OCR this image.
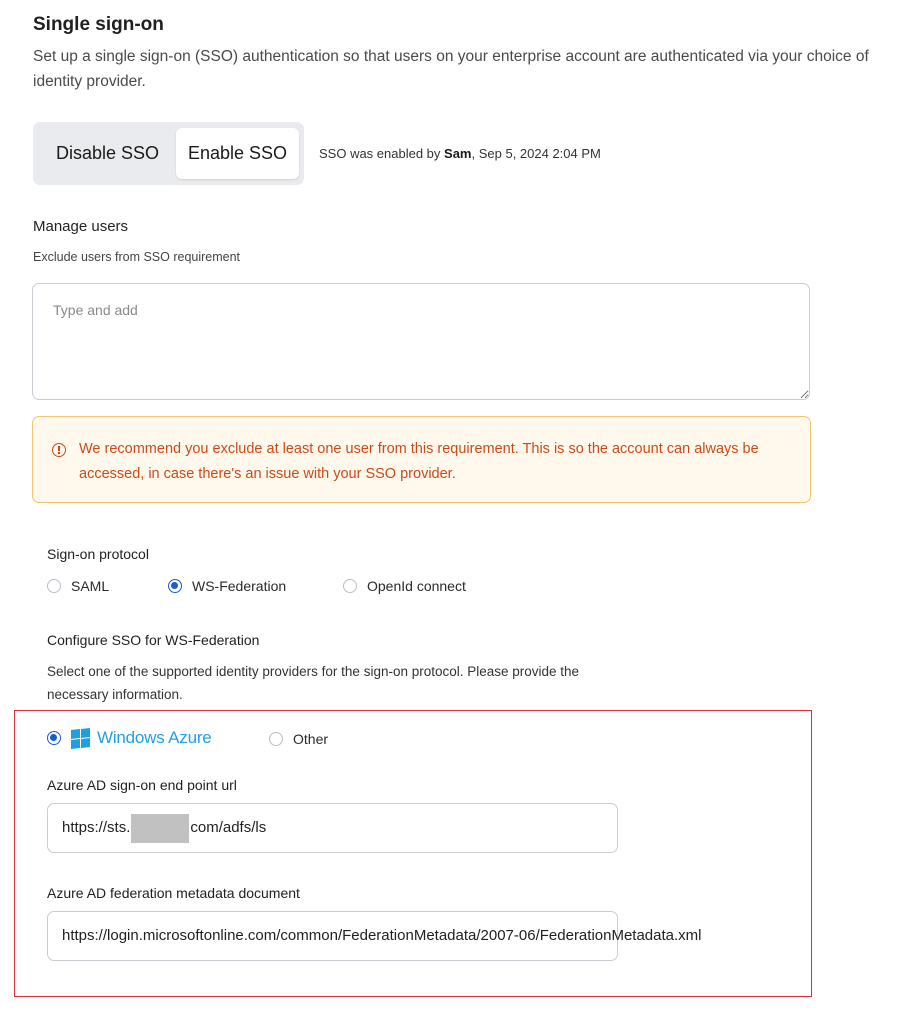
Single sign-on
Set up a single sign-on (SSO) authentication so that users on your enterprise account are authenticated via your choice of identity provider.
Disable SSO	Enable SSO	SSO was enabled by Sam, Sep 5, 2024 2:04 PM
Manage users
Exclude users from SSO requirement
Type and add
We recommend you exclude at least one user from this requirement. This is so the account can always be accessed, in case there's an issue with your SSO provider.
Sign-on protocol
SAML	WS-Federation	OpenId connect
Configure SSO for WS-Federation
Select one of the supported identity providers for the sign-on protocol. Please provide the necessary information.
Windows Azure	Other
Azure AD sign-on end point url
https://sts.	com/adfs/ls
Azure AD federation metadata document
https://login.microsoftonline.com/common/FederationMetadata/2007-06/FederationMetadata.xml
